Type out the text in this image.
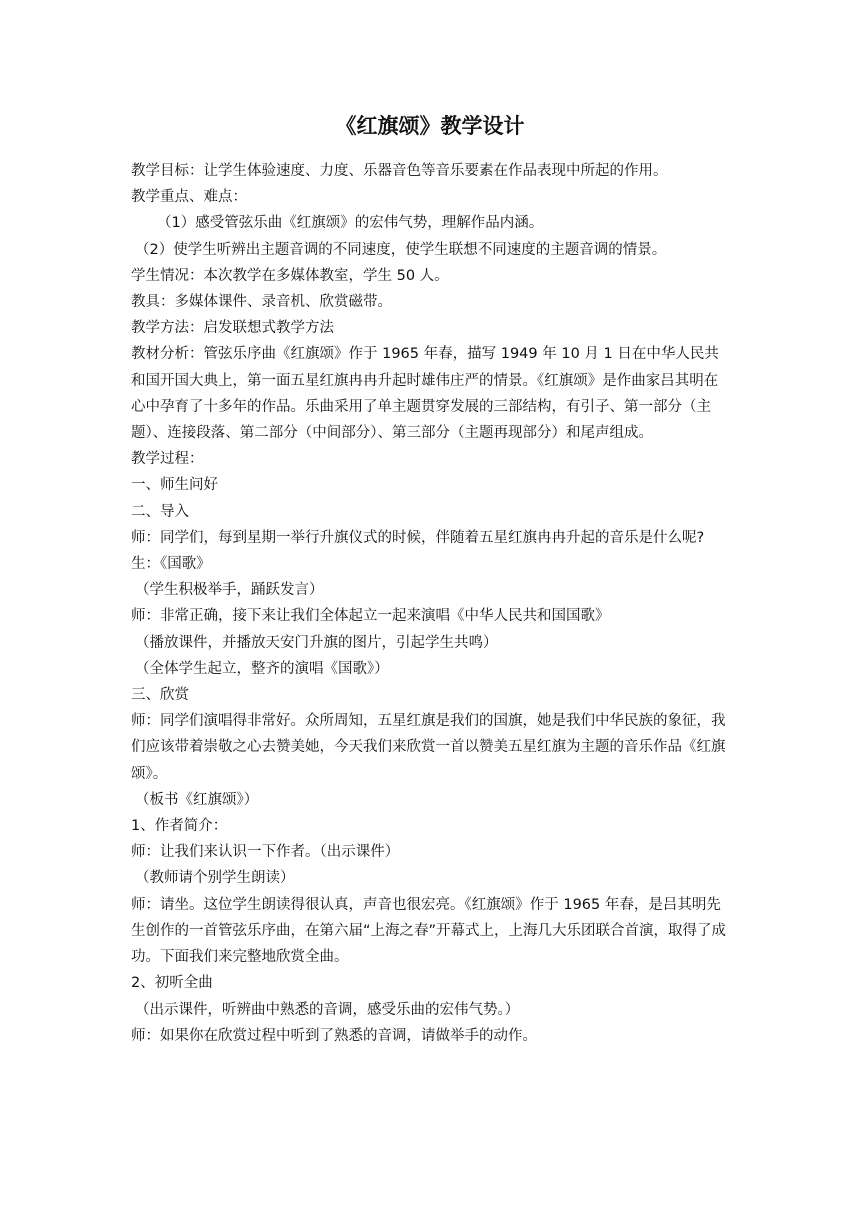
《红旗颂》教学设计

教学目标：让学生体验速度、力度、乐器音色等音乐要素在作品表现中所起的作用。

教学重点、难点：

（1）感受管弦乐曲《红旗颂》的宏伟气势，理解作品内涵。

（2）使学生听辨出主题音调的不同速度，使学生联想不同速度的主题音调的情景。

学生情况：本次教学在多媒体教室，学生 50 人。

教具：多媒体课件、录音机、欣赏磁带。

教学方法：启发联想式教学方法

教材分析：管弦乐序曲《红旗颂》作于 1965 年春，描写 1949 年 10 月 1 日在中华人民共和国开国大典上，第一面五星红旗冉冉升起时雄伟庄严的情景。《红旗颂》是作曲家吕其明在心中孕育了十多年的作品。乐曲采用了单主题贯穿发展的三部结构，有引子、第一部分（主题）、连接段落、第二部分（中间部分）、第三部分（主题再现部分）和尾声组成。

教学过程：

一、师生问好

二、导入

师：同学们，每到星期一举行升旗仪式的时候，伴随着五星红旗冉冉升起的音乐是什么呢?

生：《国歌》

（学生积极举手，踊跃发言）

师：非常正确，接下来让我们全体起立一起来演唱《中华人民共和国国歌》

（播放课件，并播放天安门升旗的图片，引起学生共鸣）

（全体学生起立，整齐的演唱《国歌》）

三、欣赏

师：同学们演唱得非常好。众所周知，五星红旗是我们的国旗，她是我们中华民族的象征，我们应该带着崇敬之心去赞美她，今天我们来欣赏一首以赞美五星红旗为主题的音乐作品《红旗颂》。

（板书《红旗颂》）

1、作者简介：

师：让我们来认识一下作者。（出示课件）

（教师请个别学生朗读）

师：请坐。这位学生朗读得很认真，声音也很宏亮。《红旗颂》作于 1965 年春，是吕其明先生创作的一首管弦乐序曲，在第六届“上海之春”开幕式上，上海几大乐团联合首演，取得了成功。下面我们来完整地欣赏全曲。

2、初听全曲

（出示课件，听辨曲中熟悉的音调，感受乐曲的宏伟气势。）

师：如果你在欣赏过程中听到了熟悉的音调，请做举手的动作。
